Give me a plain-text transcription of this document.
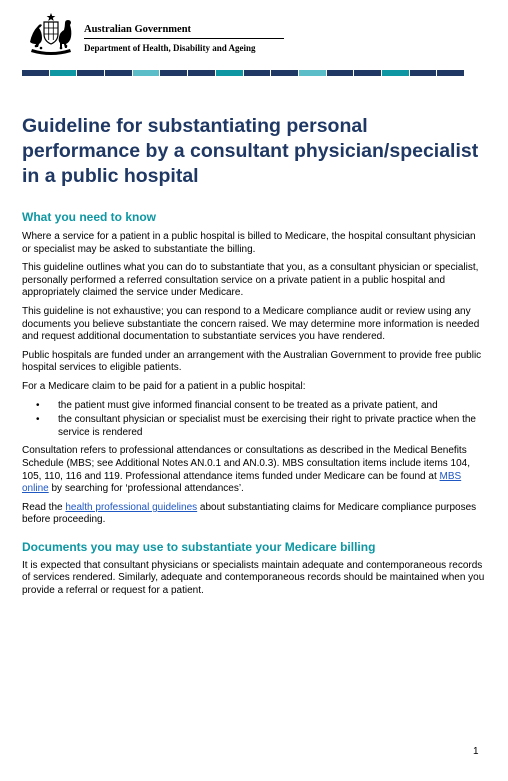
Australian Government
Department of Health, Disability and Ageing
Guideline for substantiating personal performance by a consultant physician/specialist in a public hospital
What you need to know

Where a service for a patient in a public hospital is billed to Medicare, the hospital consultant physician or specialist may be asked to substantiate the billing.

This guideline outlines what you can do to substantiate that you, as a consultant physician or specialist, personally performed a referred consultation service on a private patient in a public hospital and appropriately claimed the service under Medicare.

This guideline is not exhaustive; you can respond to a Medicare compliance audit or review using any documents you believe substantiate the concern raised. We may determine more information is needed and request additional documentation to substantiate services you have rendered.

Public hospitals are funded under an arrangement with the Australian Government to provide free public hospital services to eligible patients.

For a Medicare claim to be paid for a patient in a public hospital:

• the patient must give informed financial consent to be treated as a private patient, and
• the consultant physician or specialist must be exercising their right to private practice when the service is rendered

Consultation refers to professional attendances or consultations as described in the Medical Benefits Schedule (MBS; see Additional Notes AN.0.1 and AN.0.3). MBS consultation items include items 104, 105, 110, 116 and 119. Professional attendance items funded under Medicare can be found at MBS online by searching for ‘professional attendances’.

Read the health professional guidelines about substantiating claims for Medicare compliance purposes before proceeding.

Documents you may use to substantiate your Medicare billing

It is expected that consultant physicians or specialists maintain adequate and contemporaneous records of services rendered. Similarly, adequate and contemporaneous records should be maintained when you provide a referral or request for a patient.

1
